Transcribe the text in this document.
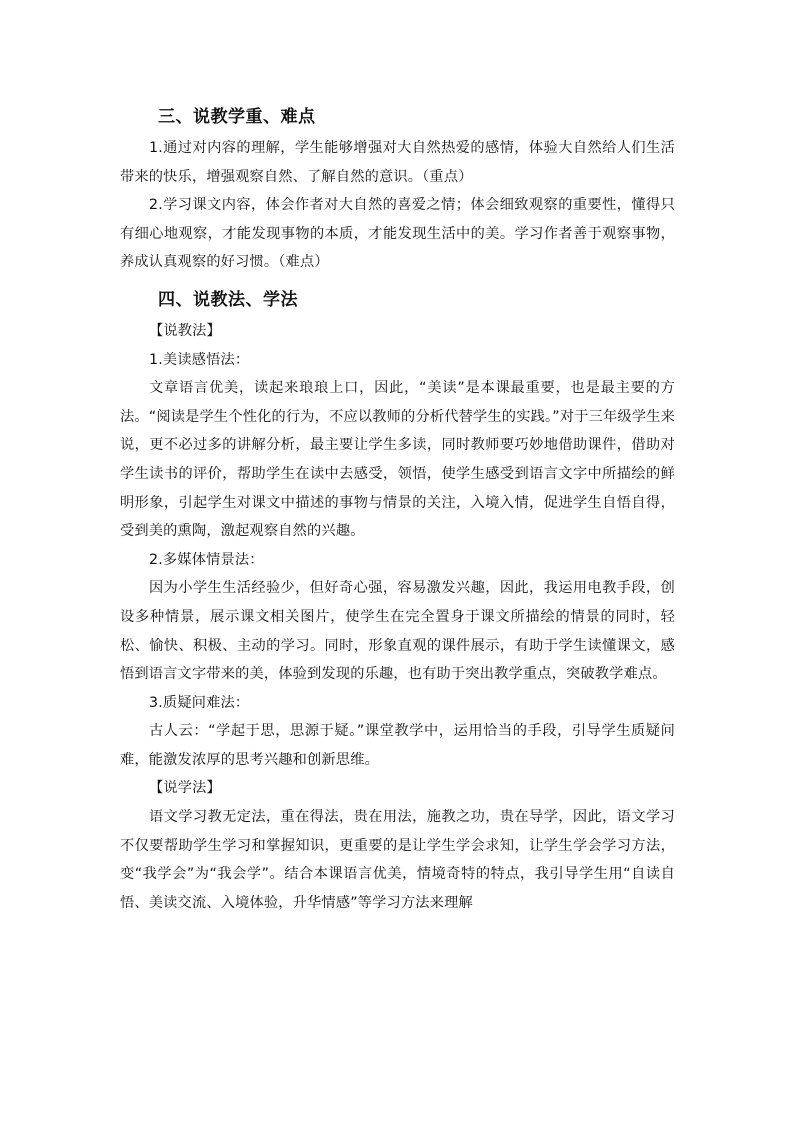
三、说教学重、难点

1.通过对内容的理解，学生能够增强对大自然热爱的感情，体验大自然给人们生活带来的快乐，增强观察自然、了解自然的意识。（重点）

2.学习课文内容，体会作者对大自然的喜爱之情；体会细致观察的重要性，懂得只有细心地观察，才能发现事物的本质，才能发现生活中的美。学习作者善于观察事物，养成认真观察的好习惯。（难点）

四、说教法、学法

【说教法】

1.美读感悟法：

文章语言优美，读起来琅琅上口，因此，“美读”是本课最重要，也是最主要的方法。“阅读是学生个性化的行为，不应以教师的分析代替学生的实践。”对于三年级学生来说，更不必过多的讲解分析，最主要让学生多读，同时教师要巧妙地借助课件，借助对学生读书的评价，帮助学生在读中去感受，领悟，使学生感受到语言文字中所描绘的鲜明形象，引起学生对课文中描述的事物与情景的关注，入境入情，促进学生自悟自得，受到美的熏陶，激起观察自然的兴趣。

2.多媒体情景法：

因为小学生生活经验少，但好奇心强，容易激发兴趣，因此，我运用电教手段，创设多种情景，展示课文相关图片，使学生在完全置身于课文所描绘的情景的同时，轻松、愉快、积极、主动的学习。同时，形象直观的课件展示，有助于学生读懂课文，感悟到语言文字带来的美，体验到发现的乐趣，也有助于突出教学重点，突破教学难点。

3.质疑问难法：

古人云：“学起于思，思源于疑。”课堂教学中，运用恰当的手段，引导学生质疑问难，能激发浓厚的思考兴趣和创新思维。

【说学法】

语文学习教无定法，重在得法，贵在用法，施教之功，贵在导学，因此，语文学习不仅要帮助学生学习和掌握知识，更重要的是让学生学会求知，让学生学会学习方法，变“我学会”为“我会学”。结合本课语言优美，情境奇特的特点，我引导学生用“自读自悟、美读交流、入境体验，升华情感”等学习方法来理解
